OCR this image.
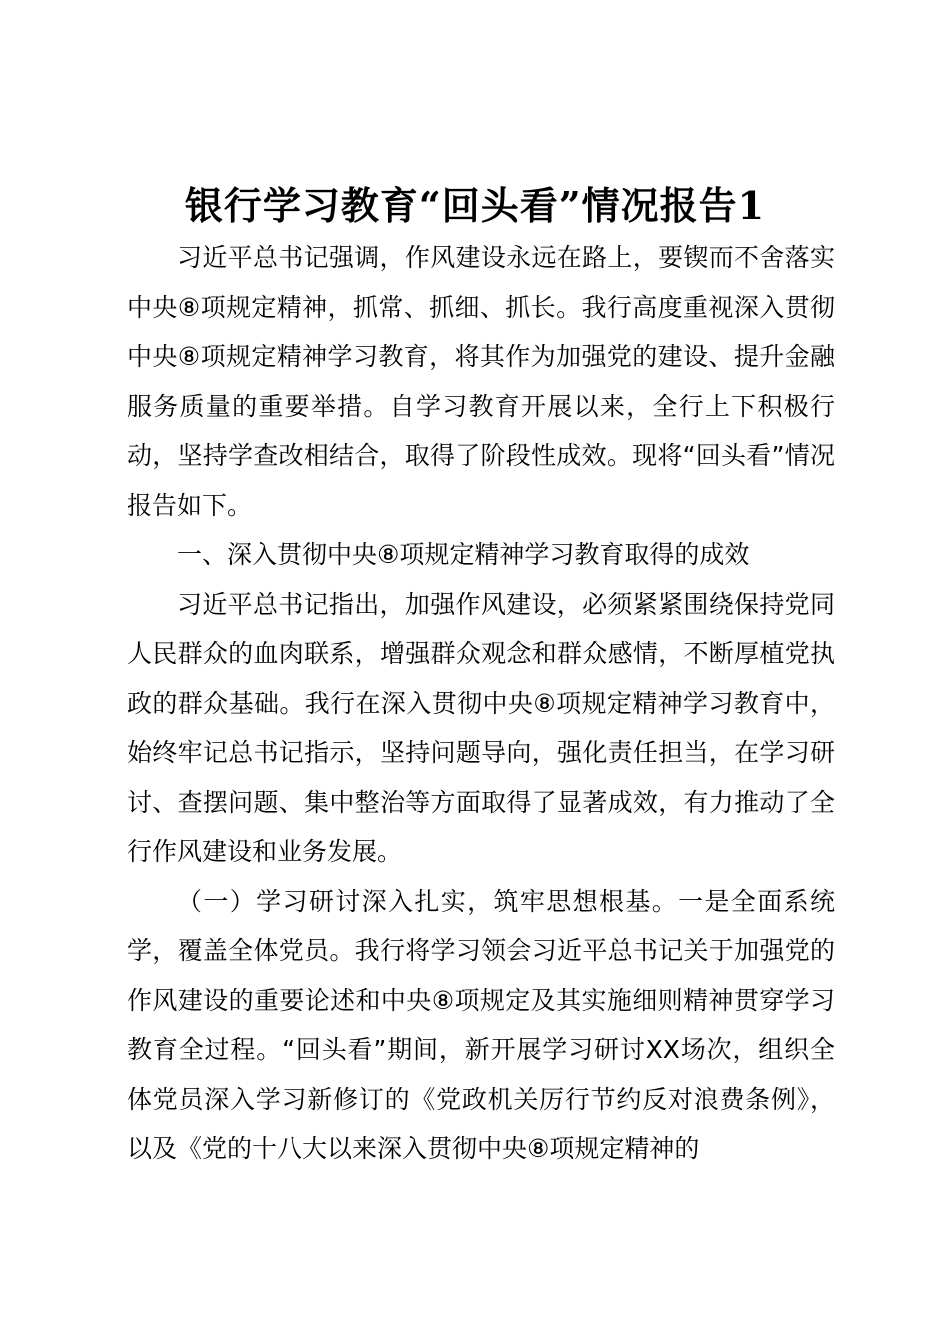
银行学习教育“回头看”情况报告1

习近平总书记强调，作风建设永远在路上，要锲而不舍落实中央⑧项规定精神，抓常、抓细、抓长。我行高度重视深入贯彻中央⑧项规定精神学习教育，将其作为加强党的建设、提升金融服务质量的重要举措。自学习教育开展以来，全行上下积极行动，坚持学查改相结合，取得了阶段性成效。现将“回头看”情况报告如下。

一、深入贯彻中央⑧项规定精神学习教育取得的成效

习近平总书记指出，加强作风建设，必须紧紧围绕保持党同人民群众的血肉联系，增强群众观念和群众感情，不断厚植党执政的群众基础。我行在深入贯彻中央⑧项规定精神学习教育中，始终牢记总书记指示，坚持问题导向，强化责任担当，在学习研讨、查摆问题、集中整治等方面取得了显著成效，有力推动了全行作风建设和业务发展。

（一）学习研讨深入扎实，筑牢思想根基。一是全面系统学，覆盖全体党员。我行将学习领会习近平总书记关于加强党的作风建设的重要论述和中央⑧项规定及其实施细则精神贯穿学习教育全过程。“回头看”期间，新开展学习研讨XX场次，组织全体党员深入学习新修订的《党政机关厉行节约反对浪费条例》，以及《党的十八大以来深入贯彻中央⑧项规定精神的
